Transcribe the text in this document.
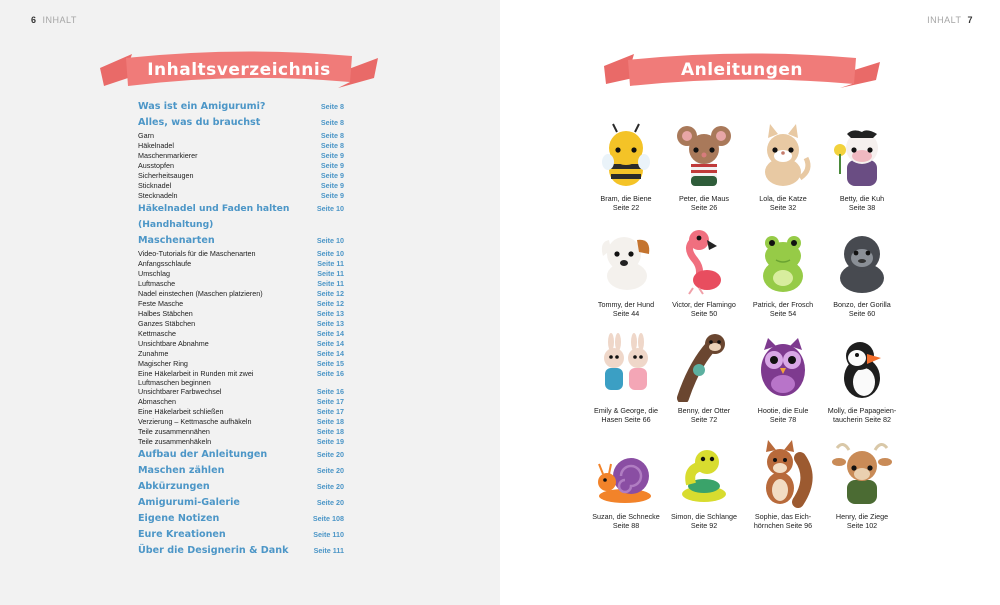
6 INHALT
Inhaltsverzeichnis
Was ist ein Amigurumi?	Seite 8
Alles, was du brauchst	Seite 8
Garn	Seite 8
Häkelnadel	Seite 8
Maschenmarkierer	Seite 9
Ausstopfen	Seite 9
Sicherheitsaugen	Seite 9
Sticknadel	Seite 9
Stecknadeln	Seite 9
Häkelnadel und Faden halten (Handhaltung)
Seite 10
Maschenarten	Seite 10
Video-Tutorials für die Maschenarten	Seite 10
Anfangsschlaufe	Seite 11
Umschlag	Seite 11
Luftmasche	Seite 11
Nadel einstechen (Maschen platzieren)	Seite 12
Feste Masche	Seite 12
Halbes Stäbchen	Seite 13
Ganzes Stäbchen	Seite 13
Kettmasche	Seite 14
Unsichtbare Abnahme	Seite 14
Zunahme	Seite 14
Magischer Ring	Seite 15
Eine Häkelarbeit in Runden mit zwei Luftmaschen beginnen
Seite 16
Unsichtbarer Farbwechsel	Seite 16
Abmaschen	Seite 17
Eine Häkelarbeit schließen	Seite 17
Verzierung – Kettmasche aufhäkeln	Seite 18
Teile zusammennähen	Seite 18
Teile zusammenhäkeln	Seite 19
Aufbau der Anleitungen	Seite 20
Maschen zählen	Seite 20
Abkürzungen	Seite 20
Amigurumi-Galerie	Seite 20
Eigene Notizen	Seite 108
Eure Kreationen	Seite 110
Über die Designerin & Dank	Seite 111
INHALT 7
Anleitungen
Bram, die Biene
Seite 22
Peter, die Maus
Seite 26
Lola, die Katze
Seite 32
Betty, die Kuh
Seite 38
Tommy, der Hund
Seite 44
Victor, der Flamingo
Seite 50
Patrick, der Frosch
Seite 54
Bonzo, der Gorilla
Seite 60
Emily & George, die
Hasen Seite 66
Benny, der Otter
Seite 72
Hootie, die Eule
Seite 78
Molly, die Papageien-
taucherin Seite 82
Suzan, die Schnecke
Seite 88
Simon, die Schlange
Seite 92
Sophie, das Eich-
hörnchen Seite 96
Henry, die Ziege
Seite 102
